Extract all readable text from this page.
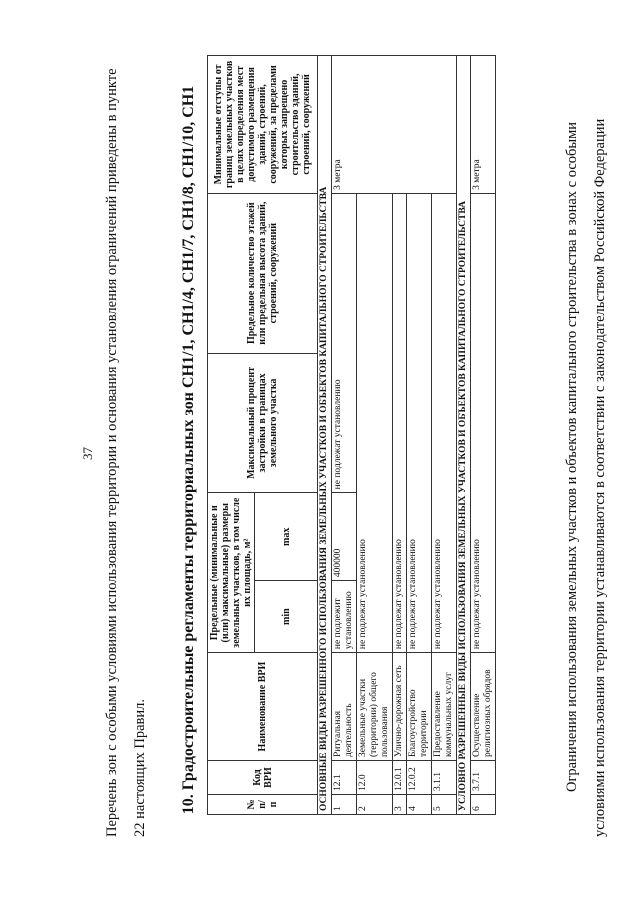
37 Перечень зон с особыми условиями использования территории и основания установления ограничений приведены в пункте 22 настоящих Правил.	10. Градостроительные регламенты территориальных зон СН1/1, СН1/4, СН1/7, СН1/8, СН1/10, СН1	№ п/п	Код ВРИ	Наименование ВРИ	Предельные (минимальные и (или) максимальные) размеры земельных участков, в том числе их площадь, м²		Максимальный процент застройки в границах земельного участка	Предельное количество этажей или предельная высота зданий, строений, сооружений	Минимальные отступы от границ земельных участков в целях определения мест допустимого размещения зданий, строений, сооружений, за пределами которых запрещено строительство зданий, строений, сооружений
			min	max			
ОСНОВНЫЕ ВИДЫ РАЗРЕШЕННОГО ИСПОЛЬЗОВАНИЯ ЗЕМЕЛЬНЫХ УЧАСТКОВ И ОБЪЕКТОВ КАПИТАЛЬНОГО СТРОИТЕЛЬСТВА							
1	12.1	Ритуальная деятельность	не подлежит установлению	400000	не подлежат установлению		3 метра
2	12.0	Земельные участки (территории) общего пользования	не подлежат установлению				
3	12.0.1	Улично-дорожная сеть	не подлежат установлению				
4	12.0.2	Благоустройство территории	не подлежат установлению				
5	3.1.1	Предоставление коммунальных услуг	не подлежат установлению				
УСЛОВНО РАЗРЕШЕННЫЕ ВИДЫ ИСПОЛЬЗОВАНИЯ ЗЕМЕЛЬНЫХ УЧАСТКОВ И ОБЪЕКТОВ КАПИТАЛЬНОГО СТРОИТЕЛЬСТВА							
6	3.7.1	Осуществление религиозных обрядов	не подлежат установлению				3 метра	Ограничения использования земельных участков и объектов капитального строительства в зонах с особыми условиями использования территории устанавливаются в соответствии с законодательством Российской Федерации
